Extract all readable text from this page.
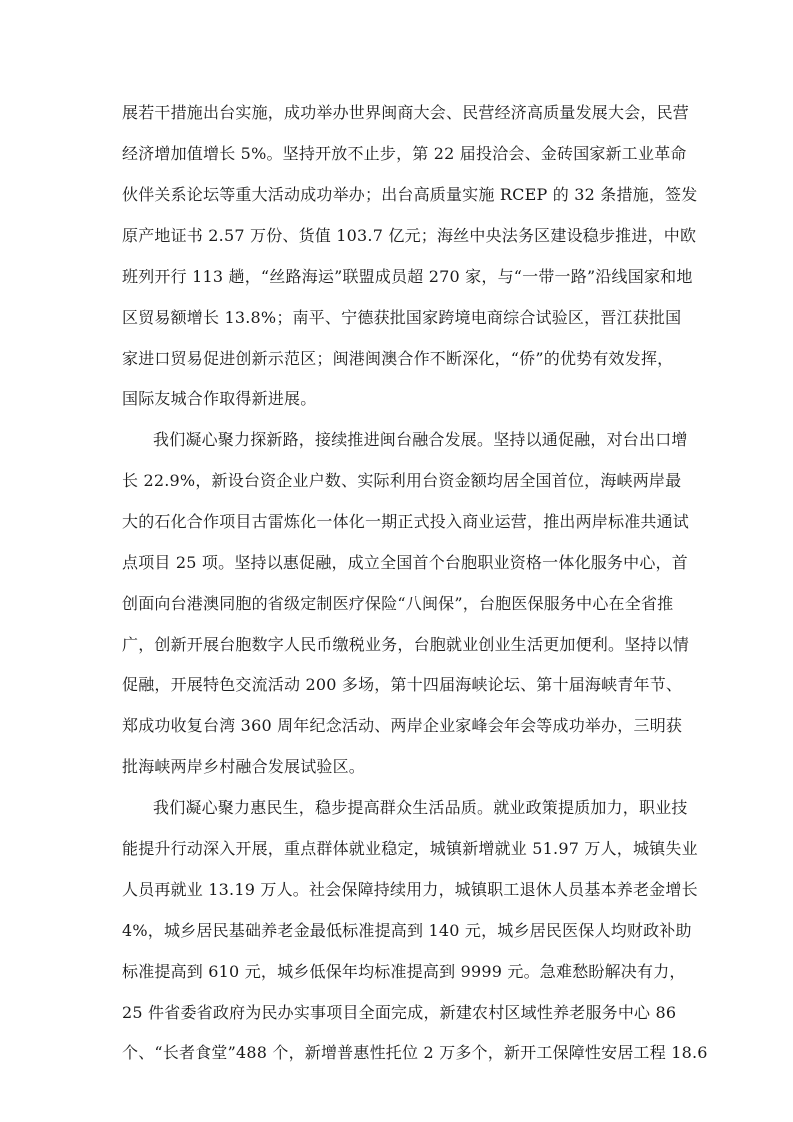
展若干措施出台实施，成功举办世界闽商大会、民营经济高质量发展大会，民营
经济增加值增长 5%。坚持开放不止步，第 22 届投洽会、金砖国家新工业革命
伙伴关系论坛等重大活动成功举办；出台高质量实施 RCEP 的 32 条措施，签发
原产地证书 2.57 万份、货值 103.7 亿元；海丝中央法务区建设稳步推进，中欧
班列开行 113 趟，“丝路海运”联盟成员超 270 家，与“一带一路”沿线国家和地
区贸易额增长 13.8%；南平、宁德获批国家跨境电商综合试验区，晋江获批国
家进口贸易促进创新示范区；闽港闽澳合作不断深化，“侨”的优势有效发挥，
国际友城合作取得新进展。
我们凝心聚力探新路，接续推进闽台融合发展。坚持以通促融，对台出口增
长 22.9%，新设台资企业户数、实际利用台资金额均居全国首位，海峡两岸最
大的石化合作项目古雷炼化一体化一期正式投入商业运营，推出两岸标准共通试
点项目 25 项。坚持以惠促融，成立全国首个台胞职业资格一体化服务中心，首
创面向台港澳同胞的省级定制医疗保险“八闽保”，台胞医保服务中心在全省推
广，创新开展台胞数字人民币缴税业务，台胞就业创业生活更加便利。坚持以情
促融，开展特色交流活动 200 多场，第十四届海峡论坛、第十届海峡青年节、
郑成功收复台湾 360 周年纪念活动、两岸企业家峰会年会等成功举办，三明获
批海峡两岸乡村融合发展试验区。
我们凝心聚力惠民生，稳步提高群众生活品质。就业政策提质加力，职业技
能提升行动深入开展，重点群体就业稳定，城镇新增就业 51.97 万人，城镇失业
人员再就业 13.19 万人。社会保障持续用力，城镇职工退休人员基本养老金增长
4%，城乡居民基础养老金最低标准提高到 140 元，城乡居民医保人均财政补助
标准提高到 610 元，城乡低保年均标准提高到 9999 元。急难愁盼解决有力，
25 件省委省政府为民办实事项目全面完成，新建农村区域性养老服务中心 86
个、“长者食堂”488 个，新增普惠性托位 2 万多个，新开工保障性安居工程 18.6
